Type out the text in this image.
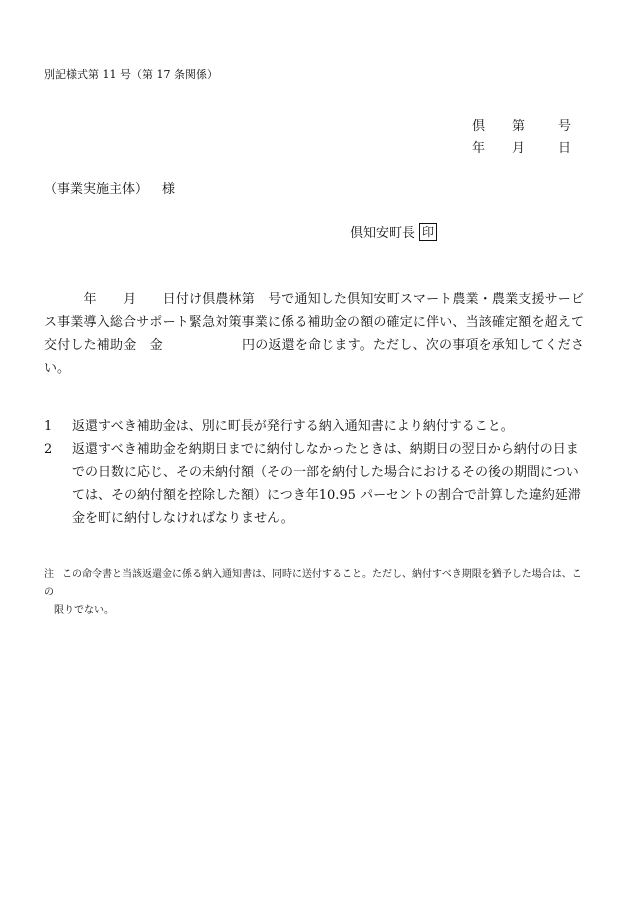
別記様式第 11 号（第 17 条関係）
倶	第	号
年	月	日
（事業実施主体） 様
倶知安町長 印
　　　年　　月　　日付け倶農林第　号で通知した倶知安町スマート農業・農業支援サービス事業導入総合サポート緊急対策事業に係る補助金の額の確定に伴い、当該確定額を超えて交付した補助金　金　　　　　　円の返還を命じます。ただし、次の事項を承知してください。
1	返還すべき補助金は、別に町長が発行する納入通知書により納付すること。
2	返還すべき補助金を納期日までに納付しなかったときは、納期日の翌日から納付の日までの日数に応じ、その未納付額（その一部を納付した場合におけるその後の期間については、その納付額を控除した額）につき年10.95 パーセントの割合で計算した違約延滞金を町に納付しなければなりません。
注 この命令書と当該返還金に係る納入通知書は、同時に送付すること。ただし、納付すべき期限を猶予した場合は、この
限りでない。
